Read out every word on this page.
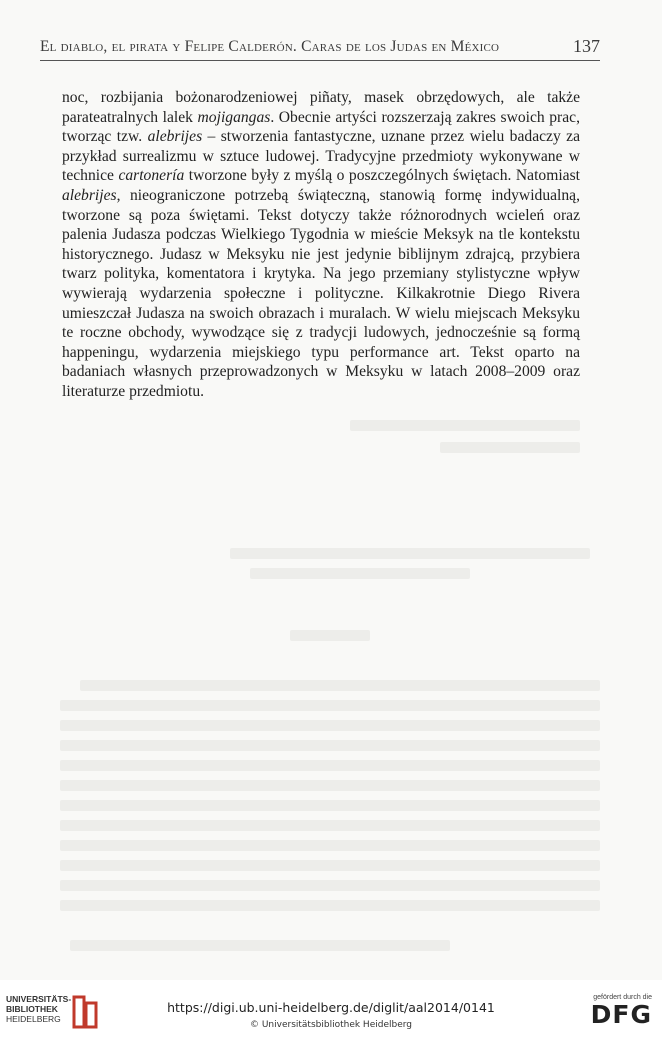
El diablo, el pirata y Felipe Calderón. Caras de los Judas en México	137

noc, rozbijania bożonarodzeniowej piñaty, masek obrzędowych, ale także parateatralnych lalek mojigangas. Obecnie artyści rozszerzają zakres swoich prac, tworząc tzw. alebrijes – stworzenia fantastyczne, uznane przez wielu badaczy za przykład surrealizmu w sztuce ludowej. Tradycyjne przedmioty wykonywane w technice cartonería tworzone były z myślą o poszczególnych świętach. Natomiast alebrijes, nieograniczone potrzebą świąteczną, stanowią formę indywidualną, tworzone są poza świętami. Tekst dotyczy także różnorodnych wcieleń oraz palenia Judasza podczas Wielkiego Tygodnia w mieście Meksyk na tle kontekstu historycznego. Judasz w Meksyku nie jest jedynie biblijnym zdrajcą, przybiera twarz polityka, komentatora i krytyka. Na jego przemiany stylistyczne wpływ wywierają wydarzenia społeczne i polityczne. Kilkakrotnie Diego Rivera umieszczał Judasza na swoich obrazach i muralach. W wielu miejscach Meksyku te roczne obchody, wywodzące się z tradycji ludowych, jednocześnie są formą happeningu, wydarzenia miejskiego typu performance art. Tekst oparto na badaniach własnych przeprowadzonych w Meksyku w latach 2008–2009 oraz literaturze przedmiotu.

UNIVERSITÄTS-
BIBLIOTHEK
HEIDELBERG
https://digi.ub.uni-heidelberg.de/diglit/aal2014/0141
© Universitätsbibliothek Heidelberg
gefördert durch die
DFG
